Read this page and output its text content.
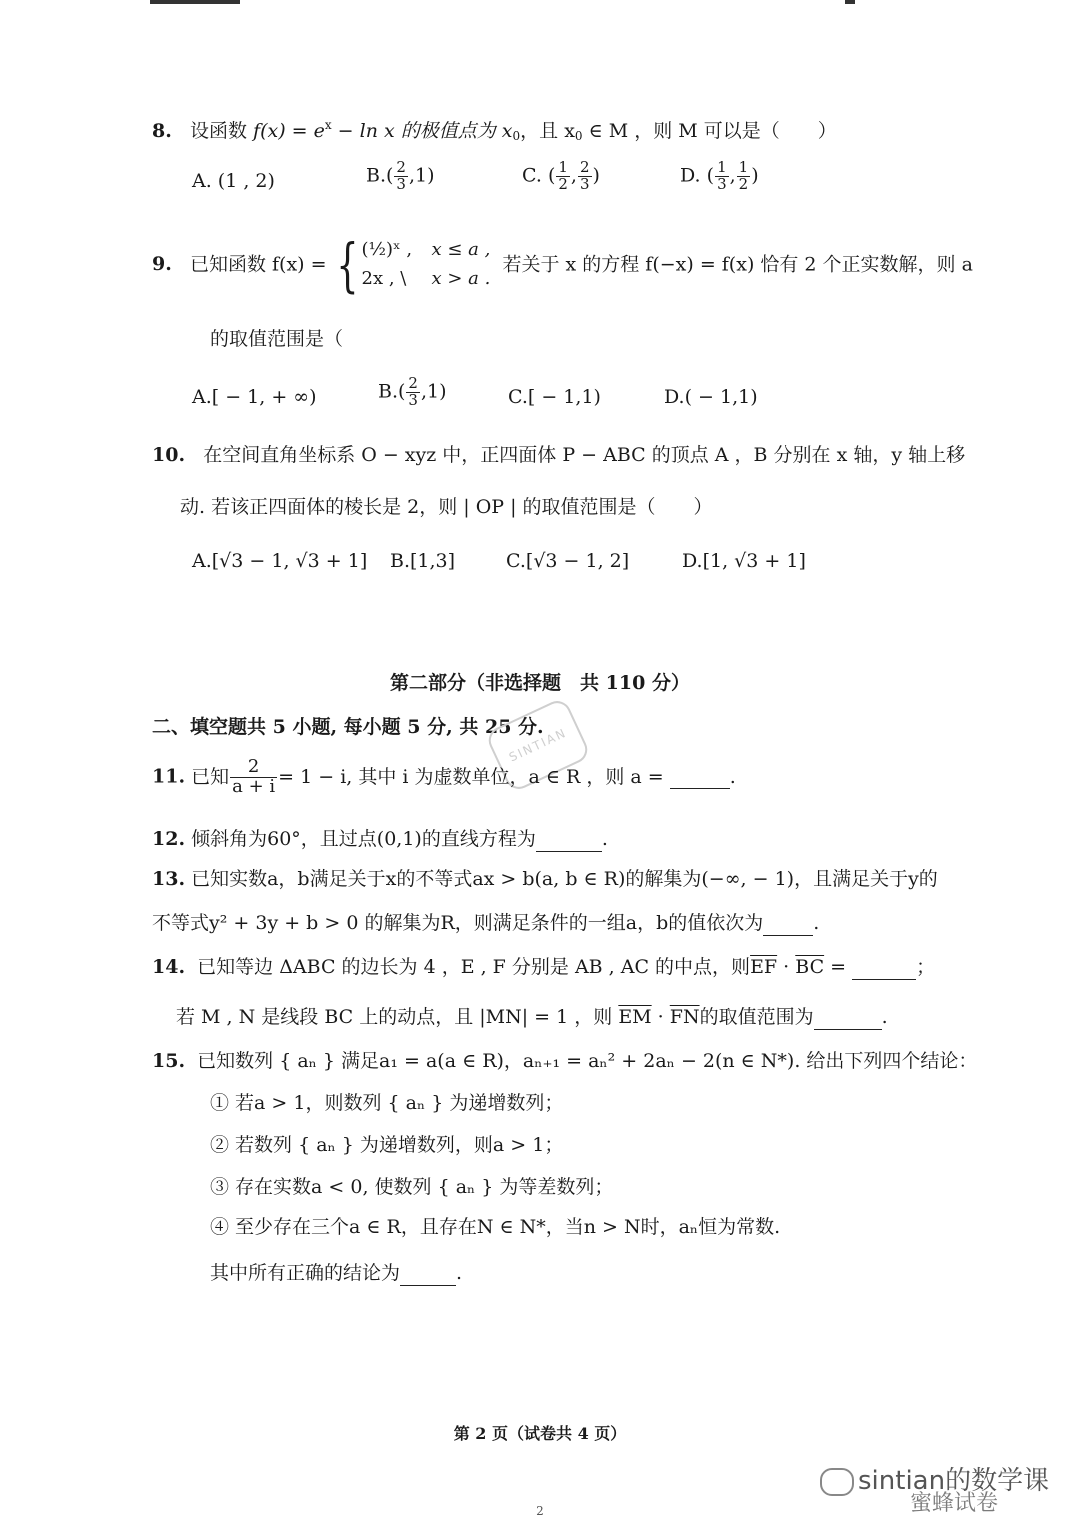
8. 设函数 $f(x) = e^x - \ln x$ 的极值点为 $x_0$，且 $x_0$ ∈ M ，则 M 可以是（　　）
A. (1 , 2)	$B.( \frac{2}{3} ,1)$	C. ( $\frac{1}{2}$ , $\frac{2}{3}$ )	D. ( $\frac{1}{3}$ , $\frac{1}{2}$ )
9. 已知函数 f(x) = { (½)ˣ , x ≤ a ,
2x , \ x > a .
若关于 x 的方程 f(−x) = f(x) 恰有 2 个正实数解，则 a
的取值范围是（
A.[ − 1, + ∞)	$B.( \frac{2}{3} ,1)$	C.[ − 1,1)	D.( − 1,1)
10. 在空间直角坐标系 O − xyz 中，正四面体 P − ABC 的顶点 A ，B 分别在 x 轴，y 轴上移
动. 若该正四面体的棱长是 2，则 | OP | 的取值范围是（　　）
A.[√3 − 1, √3 + 1] B.[1,3]	C.[√3 − 1, 2]	D.[1, √3 + 1]
第二部分（非选择题　共 110 分）
二、填空题共 5 小题, 每小题 5 分, 共 25 分.
SINTIAN
11. 已知 $\frac{2}{a + i} = 1 - i$, 其中 i 为虚数单位，a ∈ R ，则 a =	.
12. 倾斜角为60°，且过点(0,1)的直线方程为	.
13. 已知实数a，b满足关于x的不等式ax > b(a, b ∈ R)的解集为(−∞, − 1)，且满足关于y的
不等式y² + 3y + b > 0 的解集为R，则满足条件的一组a，b的值依次为	.
14. 已知等边 ΔABC 的边长为 4 ，E , F 分别是 AB , AC 的中点，则$\overline{EF} \cdot \overline{BC}$ =	；
若 M , N 是线段 BC 上的动点，且 |MN| = 1 ，则 $\overline{EM} \cdot \overline{FN}$的取值范围为	.
15. 已知数列 { aₙ } 满足a₁ = a(a ∈ R)，aₙ₊₁ = aₙ² + 2aₙ − 2(n ∈ N*). 给出下列四个结论：
① 若a > 1，则数列 { aₙ } 为递增数列；
② 若数列 { aₙ } 为递增数列，则a > 1；
③ 存在实数a < 0, 使数列 { aₙ } 为等差数列；
④ 至少存在三个a ∈ R，且存在N ∈ N*，当n > N时，aₙ恒为常数.
其中所有正确的结论为	.
第 2 页（试卷共 4 页）
2
sintian的数学课
蜜蜂试卷
